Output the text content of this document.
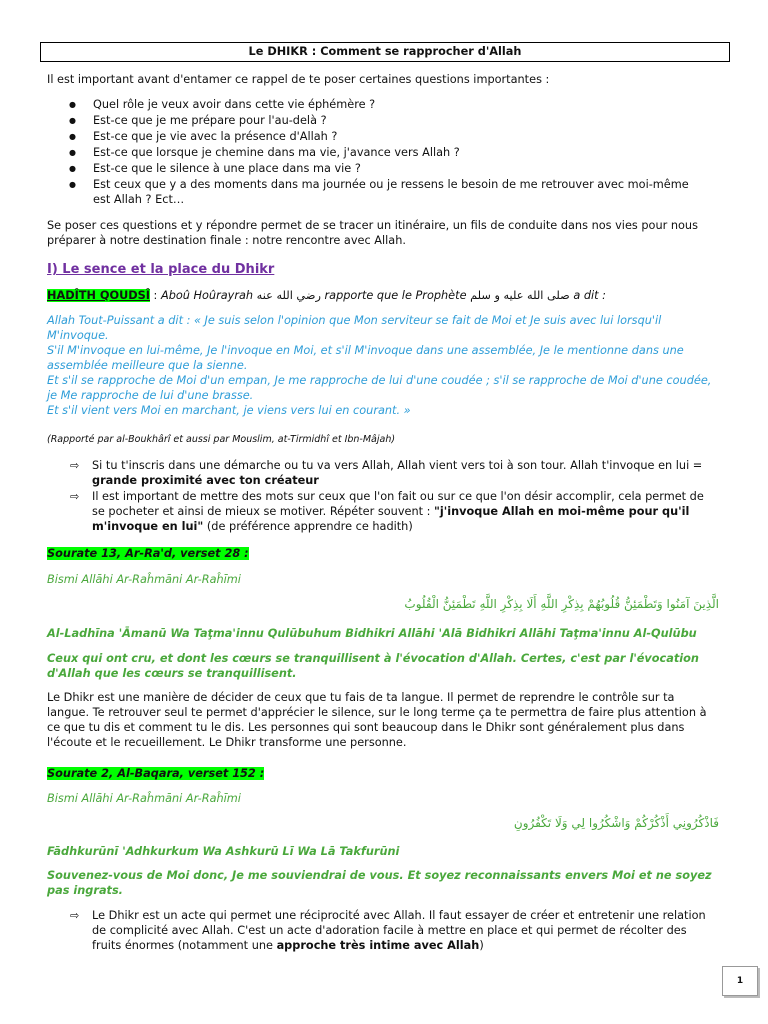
Le DHIKR : Comment se rapprocher d'Allah
Il est important avant d'entamer ce rappel de te poser certaines questions importantes :
● Quel rôle je veux avoir dans cette vie éphémère ?
● Est-ce que je me prépare pour l'au-delà ?
● Est-ce que je vie avec la présence d'Allah ?
● Est-ce que lorsque je chemine dans ma vie, j'avance vers Allah ?
● Est-ce que le silence à une place dans ma vie ?
● Est ceux que y a des moments dans ma journée ou je ressens le besoin de me retrouver avec moi-même est Allah ? Ect…
Se poser ces questions et y répondre permet de se tracer un itinéraire, un fils de conduite dans nos vies pour nous préparer à notre destination finale : notre rencontre avec Allah.
I) Le sence et la place du Dhikr
HADÎTH QOUDSÎ : Aboû Hoûrayrah رضي الله عنه rapporte que le Prophète صلى الله عليه و سلم a dit :
Allah Tout-Puissant a dit : « Je suis selon l'opinion que Mon serviteur se fait de Moi et Je suis avec lui lorsqu'il M'invoque.
S'il M'invoque en lui-même, Je l'invoque en Moi, et s'il M'invoque dans une assemblée, Je le mentionne dans une assemblée meilleure que la sienne.
Et s'il se rapproche de Moi d'un empan, Je me rapproche de lui d'une coudée ; s'il se rapproche de Moi d'une coudée, je Me rapproche de lui d'une brasse.
Et s'il vient vers Moi en marchant, je viens vers lui en courant. »
(Rapporté par al-Boukhârî et aussi par Mouslim, at-Tirmidhî et Ibn-Mâjah)
⇨ Si tu t'inscris dans une démarche ou tu va vers Allah, Allah vient vers toi à son tour. Allah t'invoque en lui = grande proximité avec ton créateur
⇨ Il est important de mettre des mots sur ceux que l'on fait ou sur ce que l'on désir accomplir, cela permet de se pocheter et ainsi de mieux se motiver. Répéter souvent : "j'invoque Allah en moi-même pour qu'il m'invoque en lui" (de préférence apprendre ce hadith)
Sourate 13, Ar-Ra'd, verset 28 :
Bismi Allāhi Ar-Raĥmāni Ar-Raĥīmi
الَّذِينَ آمَنُوا وَتَطْمَئِنُّ قُلُوبُهُمْ بِذِكْرِ اللَّهِ أَلَا بِذِكْرِ اللَّهِ تَطْمَئِنُّ الْقُلُوبُ
Al-Ladhīna 'Āmanū Wa Taţma'innu Qulūbuhum Bidhikri Allāhi 'Alā Bidhikri Allāhi Taţma'innu Al-Qulūbu
Ceux qui ont cru, et dont les cœurs se tranquillisent à l'évocation d'Allah. Certes, c'est par l'évocation d'Allah que les cœurs se tranquillisent.
Le Dhikr est une manière de décider de ceux que tu fais de ta langue. Il permet de reprendre le contrôle sur ta langue. Te retrouver seul te permet d'apprécier le silence, sur le long terme ça te permettra de faire plus attention à ce que tu dis et comment tu le dis. Les personnes qui sont beaucoup dans le Dhikr sont généralement plus dans l'écoute et le recueillement. Le Dhikr transforme une personne.
Sourate 2, Al-Baqara, verset 152 :
Bismi Allāhi Ar-Raĥmāni Ar-Raĥīmi
فَاذْكُرُونِي أَذْكُرْكُمْ وَاشْكُرُوا لِي وَلَا تَكْفُرُونِ
Fādhkurūnī 'Adhkurkum Wa Ashkurū Lī Wa Lā Takfurūni
Souvenez-vous de Moi donc, Je me souviendrai de vous. Et soyez reconnaissants envers Moi et ne soyez pas ingrats.
⇨ Le Dhikr est un acte qui permet une réciprocité avec Allah. Il faut essayer de créer et entretenir une relation de complicité avec Allah. C'est un acte d'adoration facile à mettre en place et qui permet de récolter des fruits énormes (notamment une approche très intime avec Allah)
1
